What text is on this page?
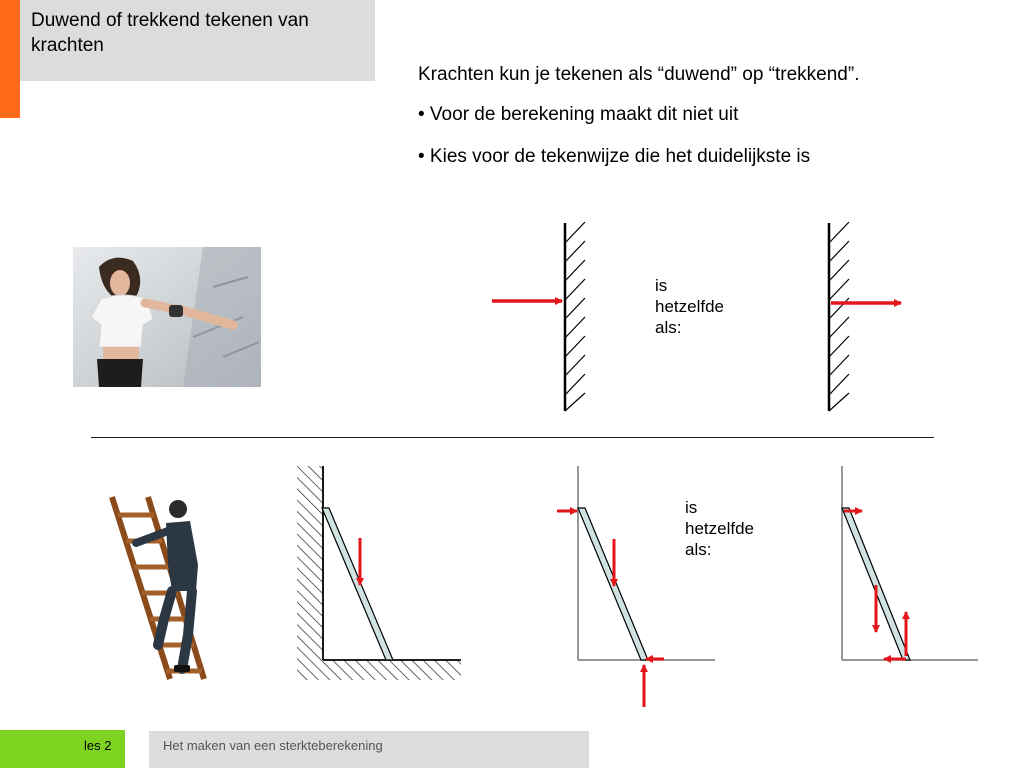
Duwend of trekkend tekenen van krachten
Krachten kun je tekenen als “duwend” op “trekkend”.
• Voor de berekening maakt dit niet uit
• Kies voor de tekenwijze die het duidelijkste is
is
hetzelfde
als:
is
hetzelfde
als:
les 2	Het maken van een sterkteberekening
